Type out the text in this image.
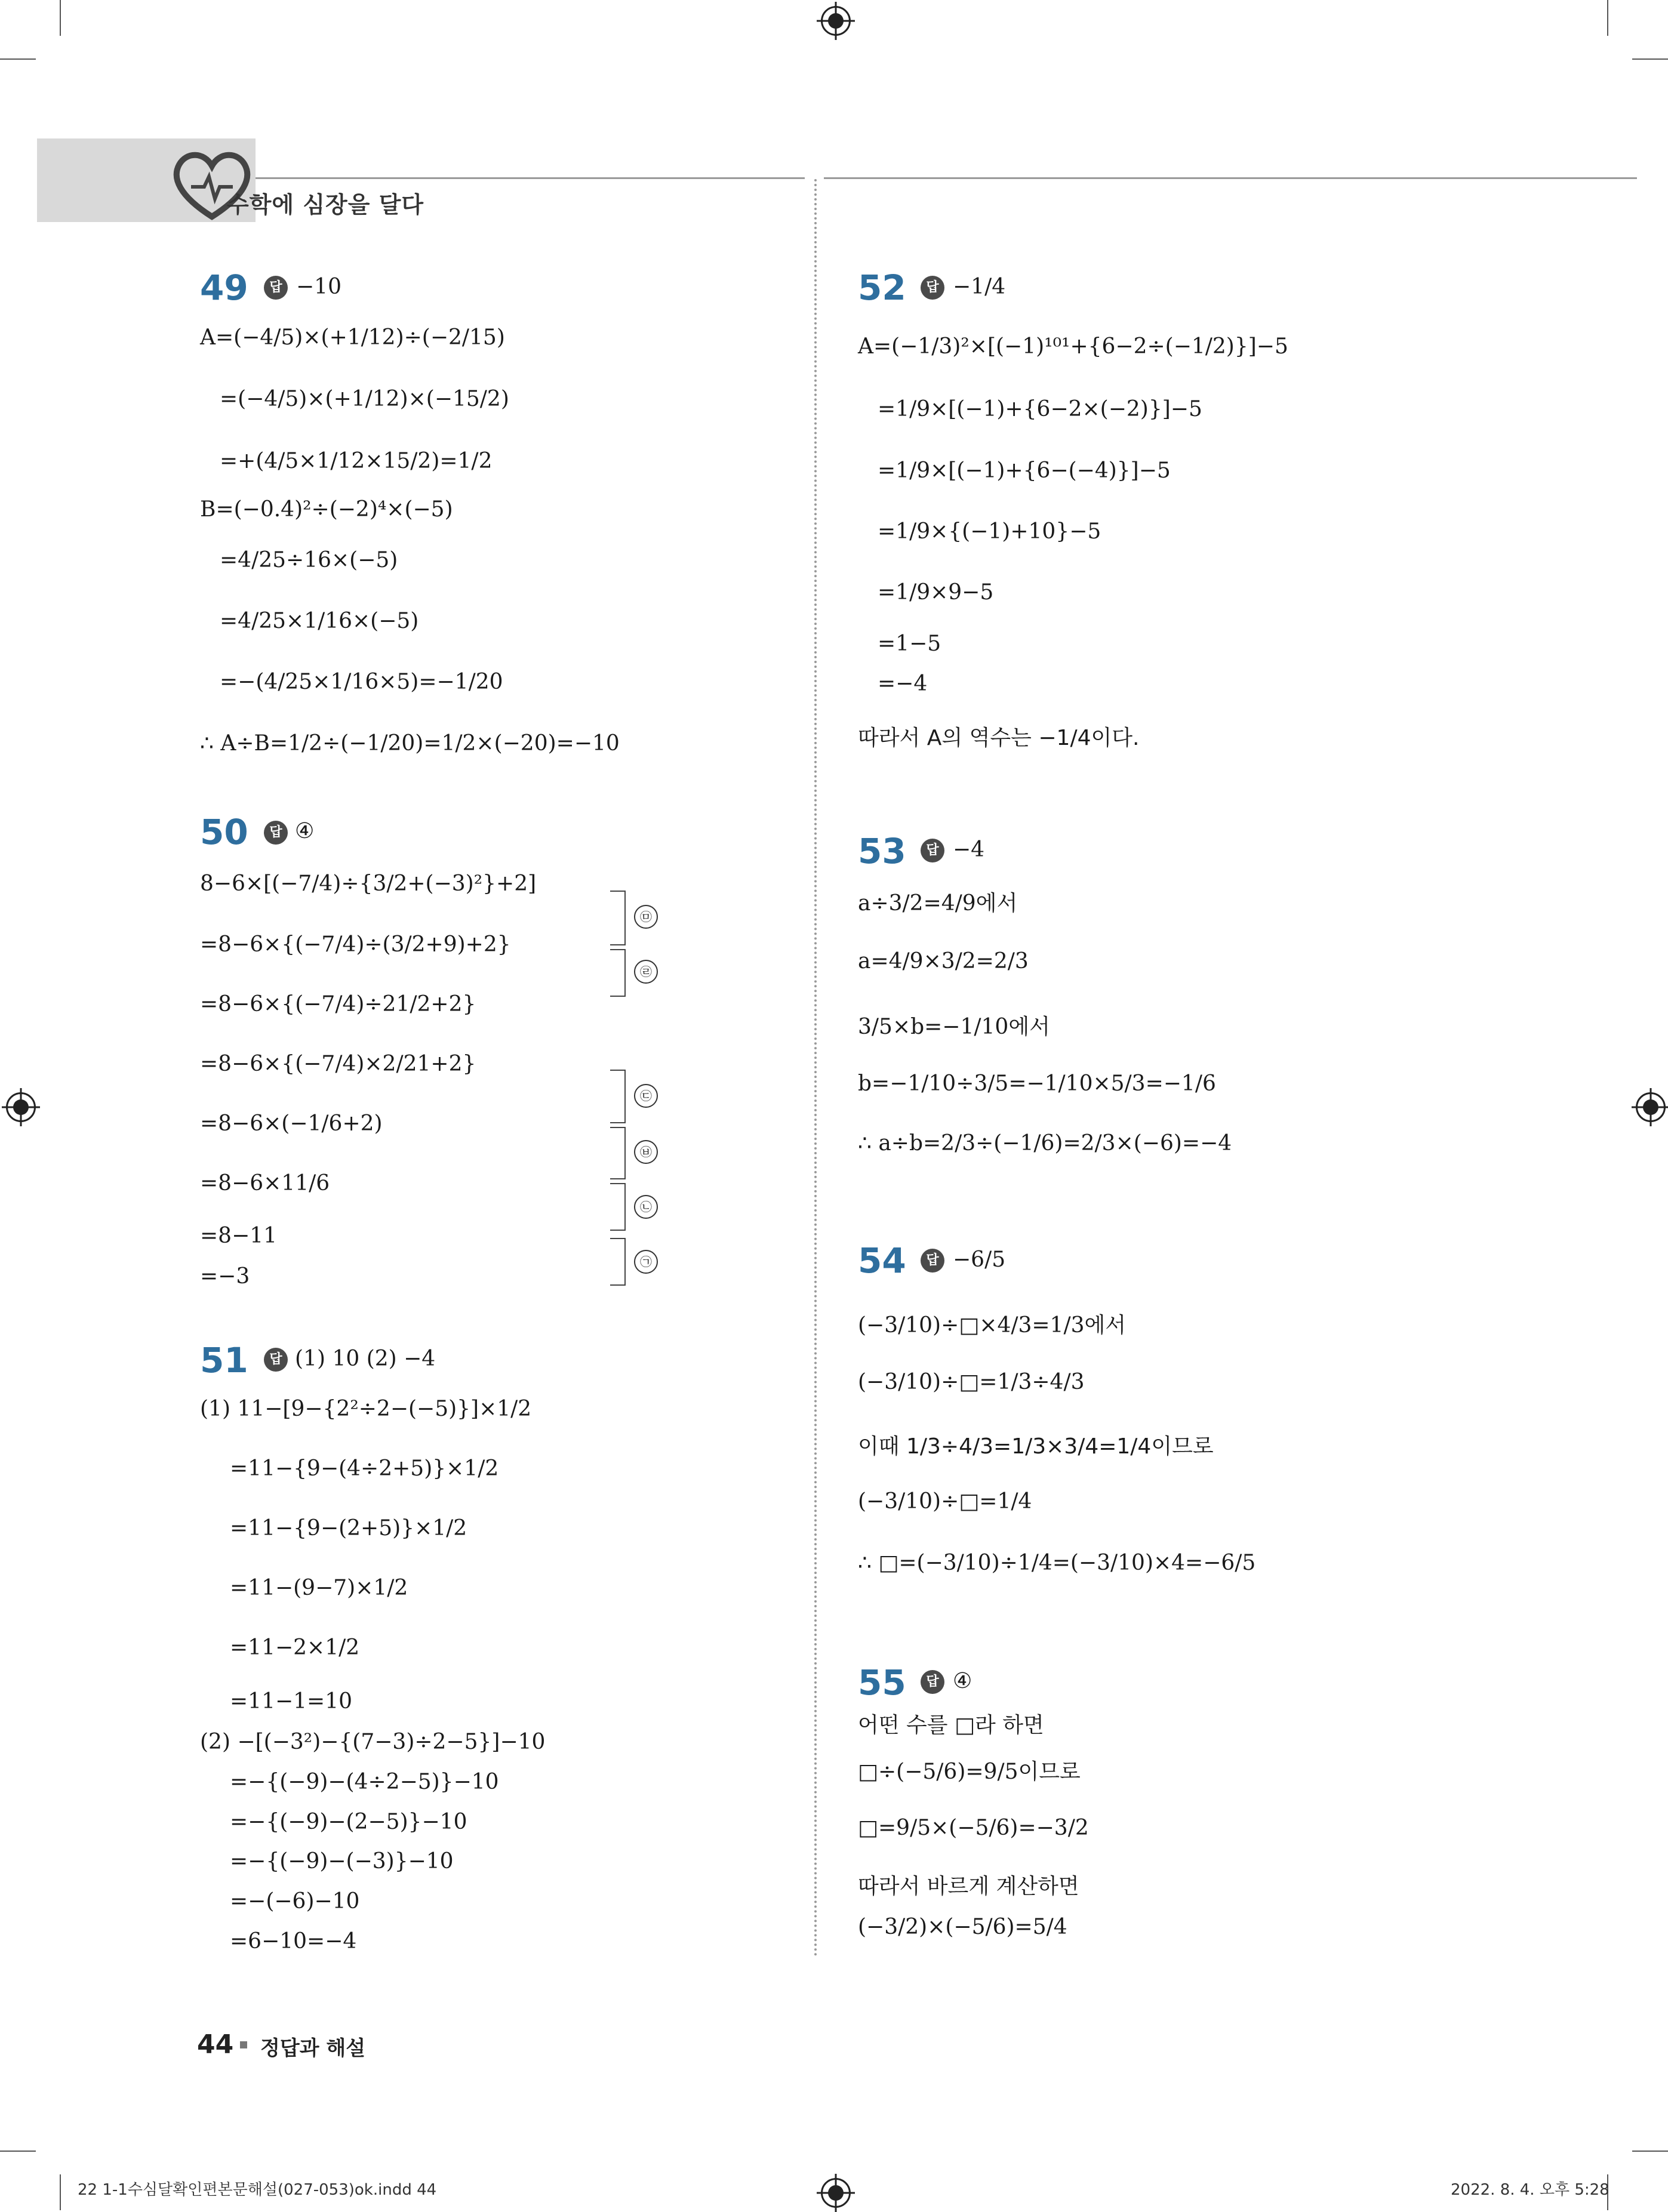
수학에 심장을 달다
49	답 −10
A=(−4/5)×(+1/12)÷(−2/15)
=(−4/5)×(+1/12)×(−15/2)
=+(4/5×1/12×15/2)=1/2
B=(−0.4)²÷(−2)⁴×(−5)
=4/25÷16×(−5)
=4/25×1/16×(−5)
=−(4/25×1/16×5)=−1/20
∴ A÷B=1/2÷(−1/20)=1/2×(−20)=−10
50	답 ④
8−6×[(−7/4)÷{3/2+(−3)²}+2]
=8−6×{(−7/4)÷(3/2+9)+2}
=8−6×{(−7/4)÷21/2+2}
=8−6×{(−7/4)×2/21+2}
=8−6×(−1/6+2)
=8−6×11/6
=8−11
=−3
㉤
㉣
㉢
㉥
㉡
㉠
51	답 (1) 10 (2) −4
(1) 11−[9−{2²÷2−(−5)}]×1/2
=11−{9−(4÷2+5)}×1/2
=11−{9−(2+5)}×1/2
=11−(9−7)×1/2
=11−2×1/2
=11−1=10
(2) −[(−3²)−{(7−3)÷2−5}]−10
=−{(−9)−(4÷2−5)}−10
=−{(−9)−(2−5)}−10
=−{(−9)−(−3)}−10
=−(−6)−10
=6−10=−4
52	답 −1/4
A=(−1/3)²×[(−1)¹⁰¹+{6−2÷(−1/2)}]−5
=1/9×[(−1)+{6−2×(−2)}]−5
=1/9×[(−1)+{6−(−4)}]−5
=1/9×{(−1)+10}−5
=1/9×9−5
=1−5
=−4
따라서 A의 역수는 −1/4이다.
53	답 −4
a÷3/2=4/9에서
a=4/9×3/2=2/3
3/5×b=−1/10에서
b=−1/10÷3/5=−1/10×5/3=−1/6
∴ a÷b=2/3÷(−1/6)=2/3×(−6)=−4
54	답 −6/5
(−3/10)÷□×4/3=1/3에서
(−3/10)÷□=1/3÷4/3
이때 1/3÷4/3=1/3×3/4=1/4이므로
(−3/10)÷□=1/4
∴ □=(−3/10)÷1/4=(−3/10)×4=−6/5
55	답 ④
어떤 수를 □라 하면
□÷(−5/6)=9/5이므로
□=9/5×(−5/6)=−3/2
따라서 바르게 계산하면
(−3/2)×(−5/6)=5/4
44 정답과 해설
22 1-1수심달확인편본문해설(027-053)ok.indd 44	2022. 8. 4. 오후 5:28
